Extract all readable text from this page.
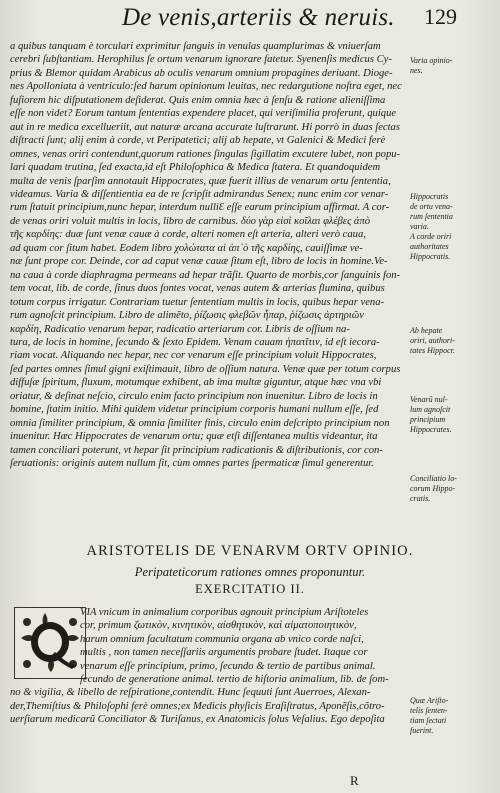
De venis,arteriis & neruis. 129
a quibus tanquam è torculari exprimitur ſanguis in venulas quamplurimas & vniuerſam
cerebri ſubſtantiam. Herophilus ſe ortum venarum ignorare fatetur. Syenenſis medicus Cy-
prius & Blemor quidam Arabicus ab oculis venarum omnium propagines deriuant. Dioge-
nes Apolloniata à ventriculo:ſed harum opinionum leuitas, nec redargutione noſtra eget, nec
fuſiorem hic diſputationem deſiderat. Quis enim omnia hæc à ſenſu & ratione alieniſſima
eſſe non videt? Eorum tantum ſententias expendere placet, qui veriſimilia proferunt, quique
aut in re medica excellueriit, aut naturæ arcana accurate luſtrarunt. Hi porrò in duas ſectas
diſtracti ſunt; alij enim à corde, vt Peripatetici; alij ab hepate, vt Galenici & Medici ferè
omnes, venas oriri contendunt,quorum rationes ſingulas ſigillatim excutere lubet, non popu-
lari quadam trutina, ſed exacta,id eſt Philoſophica & Medica ſtatera. Et quandoquidem
multa de venis ſparſim annotauit Hippocrates, quæ fuerit illius de venarum ortu ſententia,
videamus. Varia & diſſentientia ea de re ſcripſit admirandus Senex; nunc enim cor venar-
rum ſtatuit principium,nunc hepar, interdum nulliƐ eſſe earum principium affirmat. A cor-
de venas oriri voluit multis in locis, libro de carnibus. δύο γὰρ εἰσὶ κοῖλαι φλέβες ἀπὸ
τῆς καρδίης: duæ ſunt venæ cauæ à corde, alteri nomen eſt arteria, alteri verò caua,
ad quam cor ſitum habet. Eodem libro χολώτατα αἱ ἀπ᾽ὸ τῆς καρδίης, cauiſſimæ ve-
næ ſunt prope cor. Deinde, cor ad caput venæ cauæ ſitum eſt, libro de locis in homine.Ve-
na caua à corde diaphragma permeans ad hepar trãſit. Quarto de morbis,cor ſanguinis fon-
tem vocat, lib. de corde, ſinus duos fontes vocat, venas autem & arterias flumina, quibus
totum corpus irrigatur. Contrariam tuetur ſententiam multis in locis, quibus hepar vena-
rum agnoſcit principium. Libro de alimẽto, ῥίζωσις φλεβῶν ἧπαρ, ῥίζωσις ἀρτηριῶν
καρδίη, Radicatio venarum hepar, radicatio arteriarum cor. Libris de oſſium na-
tura, de locis in homine, ſecundo & ſexto Epidem. Venam cauam ἡπατῖτιν, id eſt iecora-
riam vocat. Aliquando nec hepar, nec cor venarum eſſe principium voluit Hippocrates,
ſed partes omnes ſimul gigni exiſtimauit, libro de oſſium natura. Venæ quæ per totum corpus
diffuſæ ſpiritum, fluxum, motumque exhibent, ab ima multæ giguntur, atque hæc vna vbi
oriatur, & deſinat neſcio, circulo enim facto principium non inuenitur. Libro de locis in
homine, ſtatim initio. Mihi quidem videtur principium corporis humani nullum eſſe, ſed
omnia ſimiliter principium, & omnia ſimiliter finis, circulo enim deſcripto principium non
inuenitur. Hæc Hippocrates de venarum ortu; quæ etſi diſſentanea multis videantur, ita
tamen conciliari poterunt, vt hepar ſit principium radicationis & diſtributionis, cor con-
ſeruationis: originis autem nullum ſit, cùm omnes partes ſpermaticæ ſimul generentur.
Varia opinio-
nes.
Hippocratis
de ortu vena-
rum ſententia
varia.
A corde oriri
authoritates
Hippocratis.
Ab hepate
oriri, authori-
tates Hippocr.
Venarũ nul-
lum agnoſcit
principium
Hippocrates.
Conciliatio lo-
corum Hippo-
cratis.
Quæ Ariſto-
telis ſenten-
tiam ſectati
fuerint.
ARISTOTELIS DE VENARVM ORTV OPINIO.
Peripateticorum rationes omnes proponuntur.
EXERCITATIO II.
VIA vnicum in animalium corporibus agnouit principium Ariſtoteles
cor, primum ζωτικὸν, κινητικὸν, αἰσθητικὸν, καὶ αἱματοποιητικὸν,
harum omnium facultatum communia organa ab vnico corde naſci,
multis , non tamen neceſſariis argumentis probare ſtudet. Itaque cor
venarum eſſe principium, primo, ſecundo & tertio de partibus animal.
ſecundo de generatione animal. tertio de hiſtoria animalium, lib. de ſom-
no & vigilia, & libello de reſpiratione,contendit. Hunc ſequuti ſunt Auerroes, Alexan-
der,Themiſtius & Philoſophi ferè omnes;ex Medicis phyſicis Eraſiſtratus, Aponẽſis,cõtro-
uerſiarum medicarũ Conciliator & Turiſanus, ex Anatomicis ſolus Veſalius. Ego depoſita
R
